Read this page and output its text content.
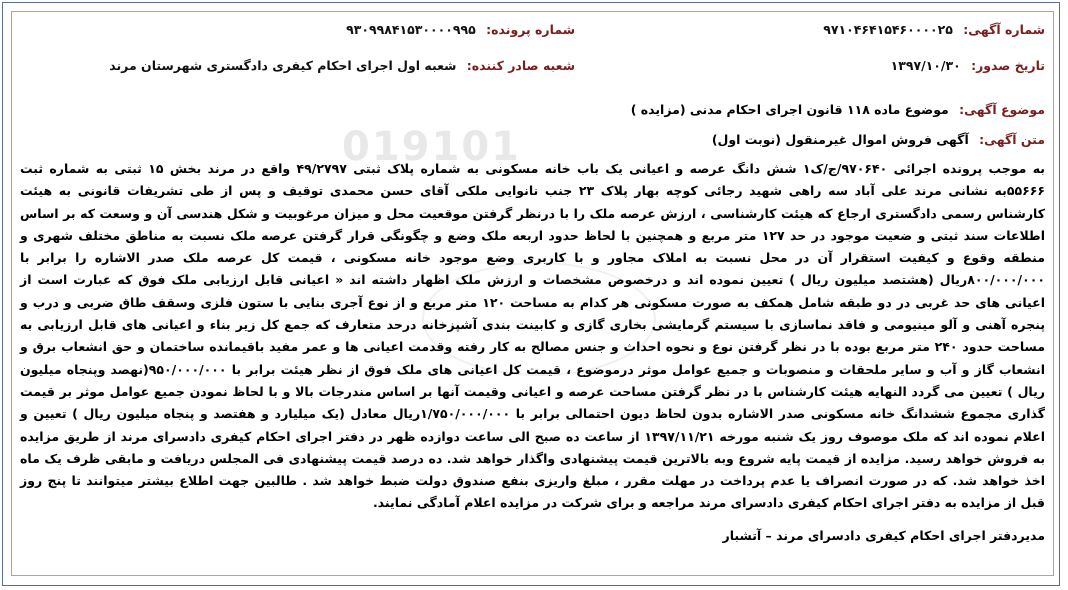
019101
شماره آگهی: ۹۷۱۰۴۶۴۱۵۴۶۰۰۰۰۲۵
شماره پرونده: ۹۳۰۹۹۸۴۱۵۳۰۰۰۰۹۹۵
تاریخ صدور: ۱۳۹۷/۱۰/۳۰
شعبه صادر کننده: شعبه اول اجرای احکام کیفری دادگستری شهرستان مرند
موضوع آگهی: موضوع ماده ۱۱۸ قانون اجرای احکام مدنی (مزایده )
متن آگهی: آگهی فروش اموال غیرمنقول (نوبت اول)
به موجب پرونده اجرائی ۹۷۰۶۴۰/ج/ک۱ شش دانگ عرصه و اعیانی یک باب خانه مسکونی به شماره پلاک ثبتی ۴۹/۲۷۹۷ واقع در مرند بخش ۱۵ ثبتی به شماره ثبت ۵۵۶۶۶به نشانی مرند علی آباد سه راهی شهید رجائی کوچه بهار پلاک ۲۳ جنب نانوایی ملکی آقای حسن محمدی توقیف و پس از طی تشریفات قانونی به هیئت کارشناس رسمی دادگستری ارجاع که هیئت کارشناسی ، ارزش عرصه ملک را با درنظر گرفتن موقعیت محل و میزان مرغوبیت و شکل هندسی آن و وسعت که بر اساس اطلاعات سند ثبتی و ضعیت موجود در حد ۱۲۷ متر مربع و همچنین با لحاظ حدود اربعه ملک وضع و چگونگی قرار گرفتن عرصه ملک نسبت به مناطق مختلف شهری و منطقه وقوع و کیفیت استقرار آن در محل نسبت به املاک مجاور و با کاربری وضع موجود خانه مسکونی ، قیمت کل عرصه ملک صدر الاشاره را برابر با ۸۰۰/۰۰۰/۰۰۰ریال (هشتصد میلیون ریال ) تعیین نموده اند و درخصوص مشخصات و ارزش ملک اظهار داشته اند « اعیانی قابل ارزیابی ملک فوق که عبارت است از اعیانی های حد غربی در دو طبقه شامل همکف به صورت مسکونی هر کدام به مساحت ۱۲۰ متر مربع و از نوع آجری بنایی با ستون فلزی وسقف طاق ضربی و درب و پنجره آهنی و آلو مینیومی و فاقد نماسازی با سیستم گرمایشی بخاری گازی و کابینت بندی آشپزخانه درحد متعارف که جمع کل زیر بناء و اعیانی های قابل ارزیابی به مساحت حدود ۲۴۰ متر مربع بوده با در نظر گرفتن نوع و نحوه احداث و جنس مصالح به کار رفته وقدمت اعیانی ها و عمر مفید باقیمانده ساختمان و حق انشعاب برق و انشعاب گاز و آب و سایر ملحقات و منصوبات و جمیع عوامل موثر درموضوع ، قیمت کل اعیانی های ملک فوق از نظر هیئت برابر با ۹۵۰/۰۰۰/۰۰۰(نهصد وپنجاه میلیون ریال ) تعیین می گردد النهایه هیئت کارشناس با در نظر گرفتن مساحت عرصه و اعیانی وقیمت آنها بر اساس مندرجات بالا و با لحاظ نمودن جمیع عوامل موثر بر قیمت گذاری مجموع ششدانگ خانه مسکونی صدر الاشاره بدون لحاظ دیون احتمالی برابر با ۱/۷۵۰/۰۰۰/۰۰۰ریال معادل (یک میلیارد و هفتصد و پنجاه میلیون ریال ) تعیین و اعلام نموده اند که ملک موصوف روز یک شنبه مورخه ۱۳۹۷/۱۱/۲۱ از ساعت ده صبح الی ساعت دوازده ظهر در دفتر اجرای احکام کیفری دادسرای مرند از طریق مزایده به فروش خواهد رسید. مزایده از قیمت پایه شروع وبه بالاترین قیمت پیشنهادی واگذار خواهد شد. ده درصد قیمت پیشنهادی فی المجلس دریافت و مابقی ظرف یک ماه اخذ خواهد شد. که در صورت انصراف یا عدم پرداخت در مهلت مقرر ، مبلغ واریزی بنفع صندوق دولت ضبط خواهد شد . طالبین جهت اطلاع بیشتر میتوانند تا پنج روز قبل از مزایده به دفتر اجرای احکام کیفری دادسرای مرند مراجعه و برای شرکت در مزایده اعلام آمادگی نمایند.
مدیردفتر اجرای احکام کیفری دادسرای مرند – آتشبار
